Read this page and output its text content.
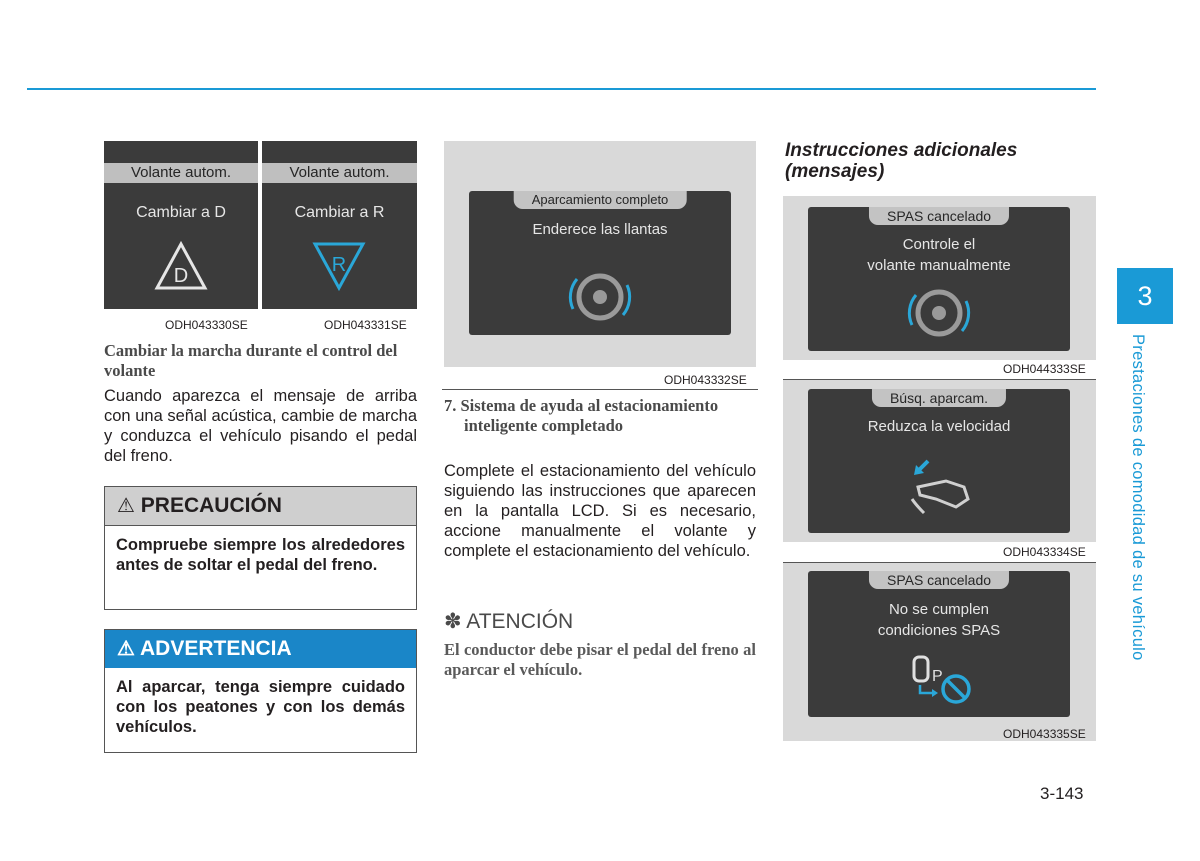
Volante autom.
Cambiar a D
D
Volante autom.
Cambiar a R
R
ODH043330SE	ODH043331SE
Cambiar la marcha durante el control del volante
Cuando aparezca el mensaje de arriba con una señal acústica, cambie de marcha y conduzca el vehículo pisando el pedal del freno.
⚠ PRECAUCIÓN
Compruebe siempre los alrededores antes de soltar el pedal del freno.
⚠ ADVERTENCIA
Al aparcar, tenga siempre cuidado con los peatones y con los demás vehículos.
Aparcamiento completo
Enderece las llantas
ODH043332SE
7. Sistema de ayuda al estacionamiento inteligente completado
Complete el estacionamiento del vehículo siguiendo las instrucciones que aparecen en la pantalla LCD. Si es necesario, accione manualmente el volante y complete el estacionamiento del vehículo.
✽ ATENCIÓN
El conductor debe pisar el pedal del freno al aparcar el vehículo.
Instrucciones adicionales (mensajes)
SPAS cancelado
Controle el
volante manualmente
ODH044333SE
Búsq. aparcam.
Reduzca la velocidad
ODH043334SE
SPAS cancelado
No se cumplen
condiciones SPAS
P
ODH043335SE
3
Prestaciones de comodidad de su vehículo
3-143
